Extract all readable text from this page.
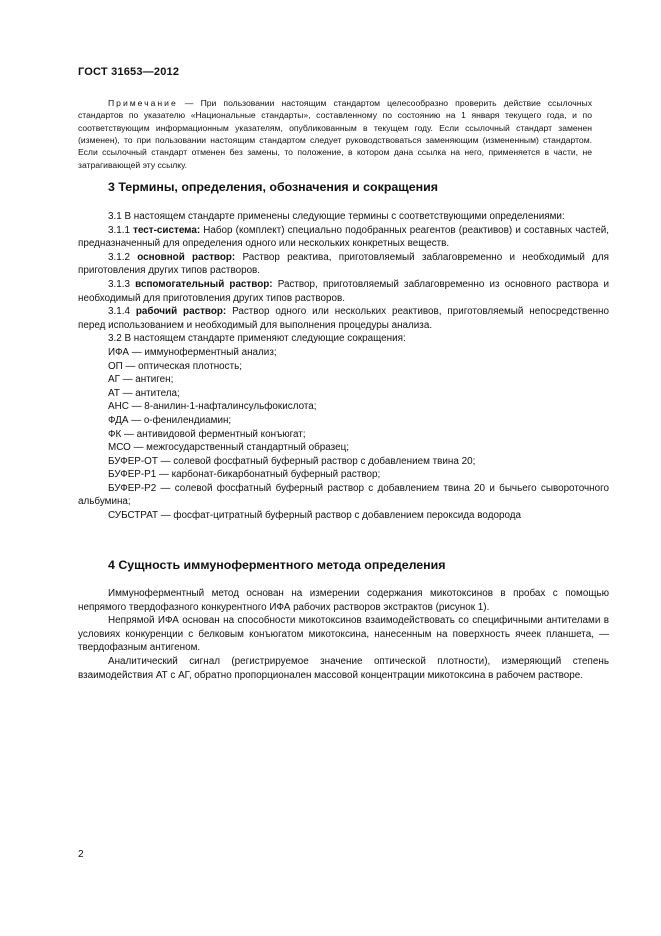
ГОСТ 31653—2012

Примечание — При пользовании настоящим стандартом целесообразно проверить действие ссылочных стандартов по указателю «Национальные стандарты», составленному по состоянию на 1 января текущего года, и по соответствующим информационным указателям, опубликованным в текущем году. Если ссылочный стандарт заменен (изменен), то при пользовании настоящим стандартом следует руководствоваться заменяющим (измененным) стандартом. Если ссылочный стандарт отменен без замены, то положение, в котором дана ссылка на него, применяется в части, не затрагивающей эту ссылку.

3 Термины, определения, обозначения и сокращения

3.1 В настоящем стандарте применены следующие термины с соответствующими определениями:

3.1.1 тест-система: Набор (комплект) специально подобранных реагентов (реактивов) и составных частей, предназначенный для определения одного или нескольких конкретных веществ.

3.1.2 основной раствор: Раствор реактива, приготовляемый заблаговременно и необходимый для приготовления других типов растворов.

3.1.3 вспомогательный раствор: Раствор, приготовляемый заблаговременно из основного раствора и необходимый для приготовления других типов растворов.

3.1.4 рабочий раствор: Раствор одного или нескольких реактивов, приготовляемый непосредственно перед использованием и необходимый для выполнения процедуры анализа.

3.2 В настоящем стандарте применяют следующие сокращения:

ИФА — иммуноферментный анализ;

ОП — оптическая плотность;

АГ — антиген;

АТ — антитела;

АНС — 8-анилин-1-нафталинсульфокислота;

ФДА — о-фенилендиамин;

ФК — антивидовой ферментный конъюгат;

МСО — межгосударственный стандартный образец;

БУФЕР-ОТ — солевой фосфатный буферный раствор с добавлением твина 20;

БУФЕР-Р1 — карбонат-бикарбонатный буферный раствор;

БУФЕР-Р2 — солевой фосфатный буферный раствор с добавлением твина 20 и бычьего сывороточного альбумина;

СУБСТРАТ — фосфат-цитратный буферный раствор с добавлением пероксида водорода

4 Сущность иммуноферментного метода определения

Иммуноферментный метод основан на измерении содержания микотоксинов в пробах с помощью непрямого твердофазного конкурентного ИФА рабочих растворов экстрактов (рисунок 1).

Непрямой ИФА основан на способности микотоксинов взаимодействовать со специфичными антителами в условиях конкуренции с белковым конъюгатом микотоксина, нанесенным на поверхность ячеек планшета, — твердофазным антигеном.

Аналитический сигнал (регистрируемое значение оптической плотности), измеряющий степень взаимодействия АТ с АГ, обратно пропорционален массовой концентрации микотоксина в рабочем растворе.

2
